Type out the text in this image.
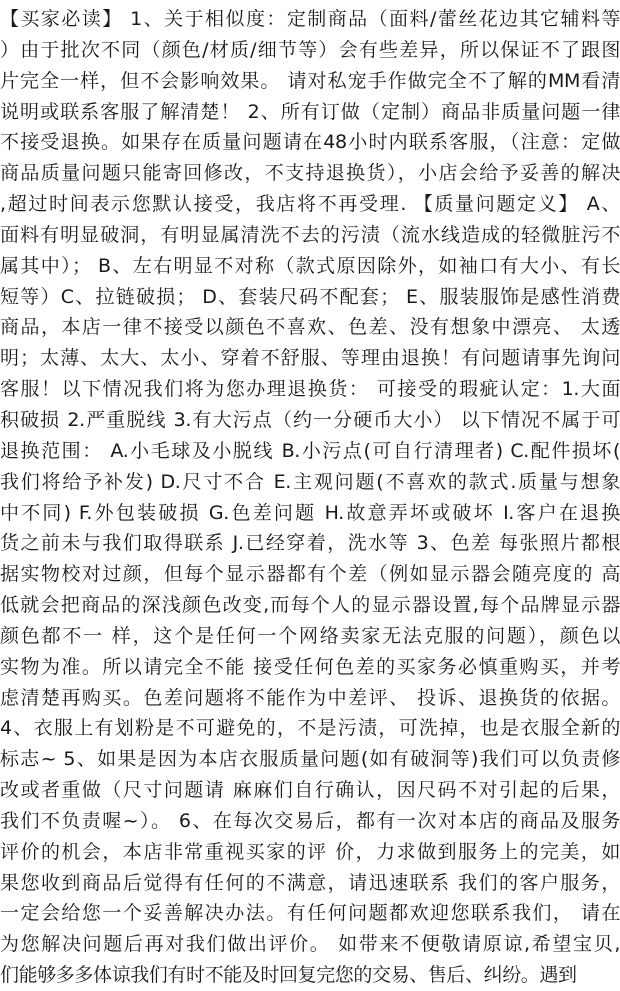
【买家必读】 1、关于相似度：定制商品（面料/蕾丝花边其它辅料等
）由于批次不同（颜色/材质/细节等）会有些差异，所以保证不了跟图
片完全一样，但不会影响效果。 请对私宠手作做完全不了解的MM看清
说明或联系客服了解清楚！ 2、所有订做（定制）商品非质量问题一律
不接受退换。如果存在质量问题请在48小时内联系客服，（注意：定做
商品质量问题只能寄回修改，不支持退换货），小店会给予妥善的解决
,超过时间表示您默认接受，我店将不再受理. 【质量问题定义】 A、
面料有明显破洞，有明显属清洗不去的污渍（流水线造成的轻微脏污不
属其中）； B、左右明显不对称（款式原因除外，如袖口有大小、有长
短等）C、拉链破损； D、套装尺码不配套； E、服装服饰是感性消费
商品，本店一律不接受以颜色不喜欢、色差、没有想象中漂亮、 太透
明；太薄、太大、太小、穿着不舒服、等理由退换！有问题请事先询问
客服！以下情况我们将为您办理退换货： 可接受的瑕疵认定：1.大面
积破损 2.严重脱线 3.有大污点（约一分硬币大小） 以下情况不属于可
退换范围： A.小毛球及小脱线 B.小污点(可自行清理者) C.配件损坏(
我们将给予补发) D.尺寸不合 E.主观问题(不喜欢的款式.质量与想象
中不同) F.外包装破损 G.色差问题 H.故意弄坏或破坏 I.客户在退换
货之前未与我们取得联系 J.已经穿着，洗水等 3、色差 每张照片都根
据实物校对过颜，但每个显示器都有个差（例如显示器会随亮度的 高
低就会把商品的深浅颜色改变,而每个人的显示器设置,每个品牌显示器
颜色都不一 样，这个是任何一个网络卖家无法克服的问题），颜色以
实物为准。所以请完全不能 接受任何色差的买家务必慎重购买，并考
虑清楚再购买。色差问题将不能作为中差评、 投诉、退换货的依据。
4、衣服上有划粉是不可避免的，不是污渍，可洗掉，也是衣服全新的
标志~ 5、如果是因为本店衣服质量问题(如有破洞等)我们可以负责修
改或者重做（尺寸问题请 麻麻们自行确认，因尺码不对引起的后果，
我们不负责喔~）。 6、在每次交易后，都有一次对本店的商品及服务
评价的机会，本店非常重视买家的评 价，力求做到服务上的完美，如
果您收到商品后觉得有任何的不满意，请迅速联系 我们的客户服务，
一定会给您一个妥善解决办法。有任何问题都欢迎您联系我们， 请在
为您解决问题后再对我们做出评价。 如带来不便敬请原谅,希望宝贝,
们能够多多体谅我们有时不能及时回复完您的交易、售后、纠纷。遇到
